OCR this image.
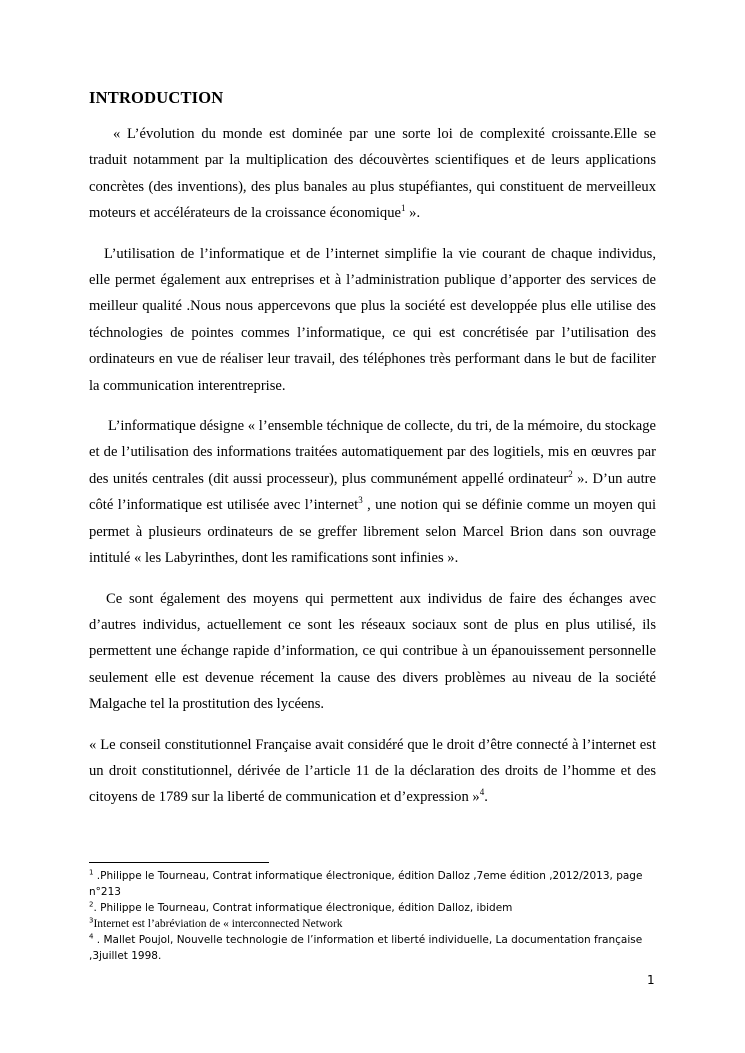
INTRODUCTION

« L’évolution du monde est dominée par une sorte loi de complexité croissante.Elle se traduit notamment par la multiplication des découvèrtes scientifiques et de leurs applications concrètes (des inventions), des plus banales au plus stupéfiantes, qui constituent de merveilleux moteurs et accélérateurs de la croissance économique$^1$ ».

L’utilisation de l’informatique et de l’internet simplifie la vie courant de chaque individus, elle permet également aux entreprises et à l’administration publique d’apporter des services de meilleur qualité .Nous nous appercevons que plus la société est developpée plus elle utilise des téchnologies de pointes commes l’informatique, ce qui est concrétisée par l’utilisation des ordinateurs en vue de réaliser leur travail, des téléphones très performant dans le but de faciliter la communication interentreprise.

L’informatique désigne « l’ensemble téchnique de collecte, du tri, de la mémoire, du stockage et de l’utilisation des informations traitées automatiquement par des logitiels, mis en œuvres par des unités centrales (dit aussi processeur), plus communément appellé ordinateur$^2$ ». D’un autre côté l’informatique est utilisée avec l’internet$^3$ , une notion qui se définie comme un moyen qui permet à plusieurs ordinateurs de se greffer librement selon Marcel Brion dans son ouvrage intitulé « les Labyrinthes, dont les ramifications sont infinies ».

Ce sont également des moyens qui permettent aux individus de faire des échanges avec d’autres individus, actuellement ce sont les réseaux sociaux sont de plus en plus utilisé, ils permettent une échange rapide d’information, ce qui contribue à un épanouissement personnelle seulement elle est devenue récement la cause des divers problèmes au niveau de la société Malgache tel la prostitution des lycéens.

« Le conseil constitutionnel Française avait considéré que le droit d’être connecté à l’internet est un droit constitutionnel, dérivée de l’article 11 de la déclaration des droits de l’homme et des citoyens de 1789 sur la liberté de communication et d’expression »$^4$.

$^1$ .Philippe le Tourneau, Contrat informatique électronique, édition Dalloz ,7eme édition ,2012/2013, page n°213
$^2$. Philippe le Tourneau, Contrat informatique électronique, édition Dalloz, ibidem
$^3$Internet est l’abréviation de « interconnected Network
$^4$ . Mallet Poujol, Nouvelle technologie de l’information et liberté individuelle, La documentation française ,3juillet 1998.
1
